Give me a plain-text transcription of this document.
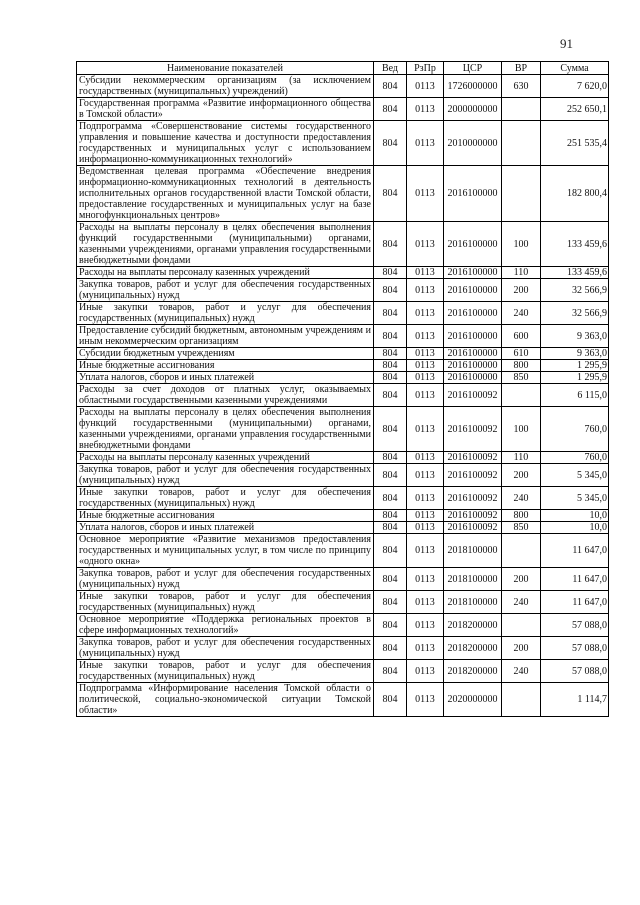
91
Наименование показателей	Вед	РзПр	ЦСР	ВР	Сумма
Субсидии некоммерческим организациям (за исключением государственных (муниципальных) учреждений)	804	0113	1726000000	630	7 620,0
Государственная программа «Развитие информационного общества в Томской области»	804	0113	2000000000		252 650,1
Подпрограмма «Совершенствование системы государственного управления и повышение качества и доступности предоставления государственных и муниципальных услуг с использованием информационно-коммуникационных технологий»	804	0113	2010000000		251 535,4
Ведомственная целевая программа «Обеспечение внедрения информационно-коммуникационных технологий в деятельность исполнительных органов государственной власти Томской области, предоставление государственных и муниципальных услуг на базе многофункциональных центров»	804	0113	2016100000		182 800,4
Расходы на выплаты персоналу в целях обеспечения выполнения функций государственными (муниципальными) органами, казенными учреждениями, органами управления государственными внебюджетными фондами	804	0113	2016100000	100	133 459,6
Расходы на выплаты персоналу казенных учреждений	804	0113	2016100000	110	133 459,6
Закупка товаров, работ и услуг для обеспечения государственных (муниципальных) нужд	804	0113	2016100000	200	32 566,9
Иные закупки товаров, работ и услуг для обеспечения государственных (муниципальных) нужд	804	0113	2016100000	240	32 566,9
Предоставление субсидий бюджетным, автономным учреждениям и иным некоммерческим организациям	804	0113	2016100000	600	9 363,0
Субсидии бюджетным учреждениям	804	0113	2016100000	610	9 363,0
Иные бюджетные ассигнования	804	0113	2016100000	800	1 295,9
Уплата налогов, сборов и иных платежей	804	0113	2016100000	850	1 295,9
Расходы за счет доходов от платных услуг, оказываемых областными государственными казенными учреждениями	804	0113	2016100092		6 115,0
Расходы на выплаты персоналу в целях обеспечения выполнения функций государственными (муниципальными) органами, казенными учреждениями, органами управления государственными внебюджетными фондами	804	0113	2016100092	100	760,0
Расходы на выплаты персоналу казенных учреждений	804	0113	2016100092	110	760,0
Закупка товаров, работ и услуг для обеспечения государственных (муниципальных) нужд	804	0113	2016100092	200	5 345,0
Иные закупки товаров, работ и услуг для обеспечения государственных (муниципальных) нужд	804	0113	2016100092	240	5 345,0
Иные бюджетные ассигнования	804	0113	2016100092	800	10,0
Уплата налогов, сборов и иных платежей	804	0113	2016100092	850	10,0
Основное мероприятие «Развитие механизмов предоставления государственных и муниципальных услуг, в том числе по принципу «одного окна»	804	0113	2018100000		11 647,0
Закупка товаров, работ и услуг для обеспечения государственных (муниципальных) нужд	804	0113	2018100000	200	11 647,0
Иные закупки товаров, работ и услуг для обеспечения государственных (муниципальных) нужд	804	0113	2018100000	240	11 647,0
Основное мероприятие «Поддержка региональных проектов в сфере информационных технологий»	804	0113	2018200000		57 088,0
Закупка товаров, работ и услуг для обеспечения государственных (муниципальных) нужд	804	0113	2018200000	200	57 088,0
Иные закупки товаров, работ и услуг для обеспечения государственных (муниципальных) нужд	804	0113	2018200000	240	57 088,0
Подпрограмма «Информирование населения Томской области о политической, социально-экономической ситуации Томской области»	804	0113	2020000000		1 114,7
